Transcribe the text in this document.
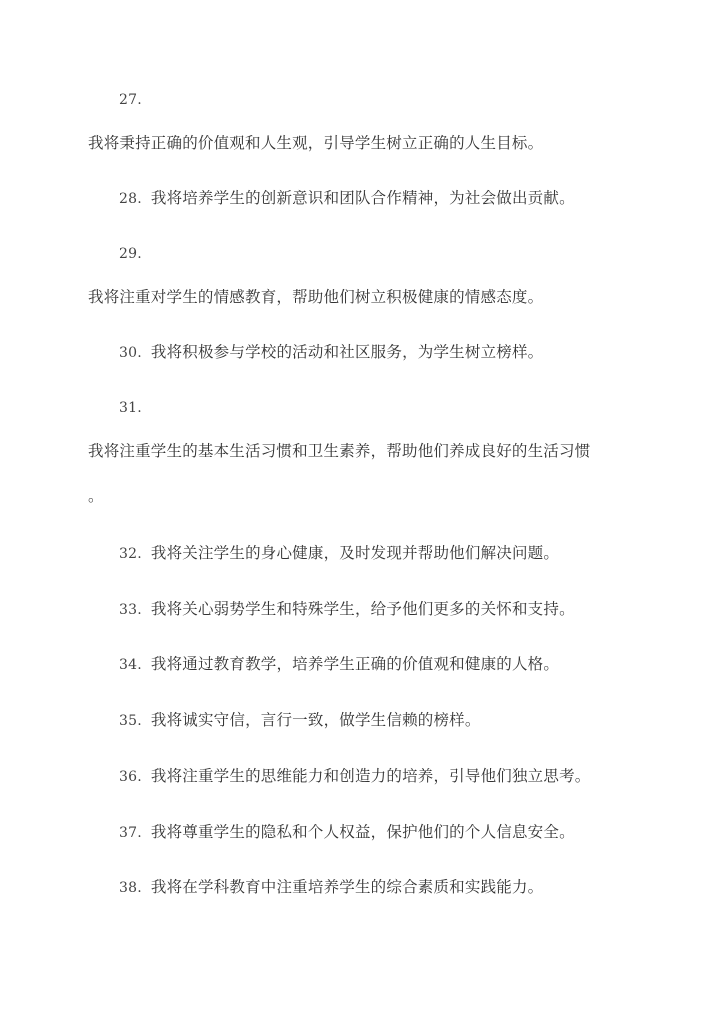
27.
我将秉持正确的价值观和人生观，引导学生树立正确的人生目标。
28. 我将培养学生的创新意识和团队合作精神，为社会做出贡献。
29.
我将注重对学生的情感教育，帮助他们树立积极健康的情感态度。
30. 我将积极参与学校的活动和社区服务，为学生树立榜样。
31.
我将注重学生的基本生活习惯和卫生素养，帮助他们养成良好的生活习惯
。
32. 我将关注学生的身心健康，及时发现并帮助他们解决问题。
33. 我将关心弱势学生和特殊学生，给予他们更多的关怀和支持。
34. 我将通过教育教学，培养学生正确的价值观和健康的人格。
35. 我将诚实守信，言行一致，做学生信赖的榜样。
36. 我将注重学生的思维能力和创造力的培养，引导他们独立思考。
37. 我将尊重学生的隐私和个人权益，保护他们的个人信息安全。
38. 我将在学科教育中注重培养学生的综合素质和实践能力。
